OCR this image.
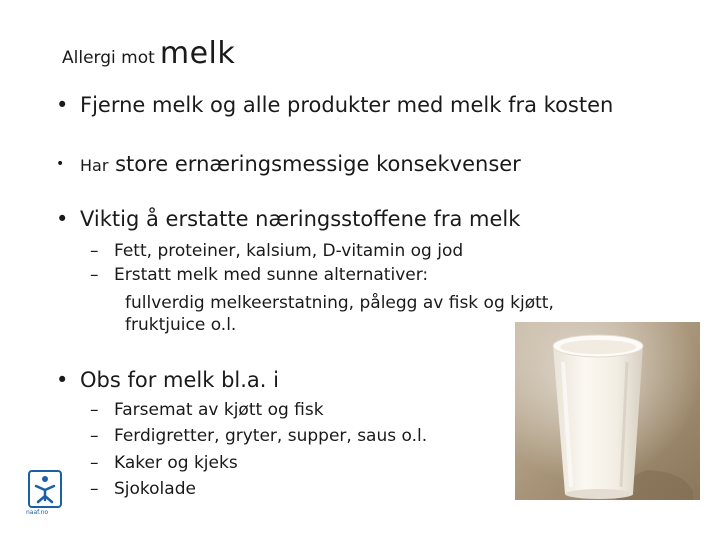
Allergi mot melk
• Fjerne melk og alle produkter med melk fra kosten
• Har store ernæringsmessige konsekvenser
• Viktig å erstatte næringsstoffene fra melk
– Fett, proteiner, kalsium, D-vitamin og jod
– Erstatt melk med sunne alternativer:
fullverdig melkeerstatning, pålegg av fisk og kjøtt,
fruktjuice o.l.
• Obs for melk bl.a. i
– Farsemat av kjøtt og fisk
– Ferdigretter, gryter, supper, saus o.l.
– Kaker og kjeks
– Sjokolade
naaf.no
